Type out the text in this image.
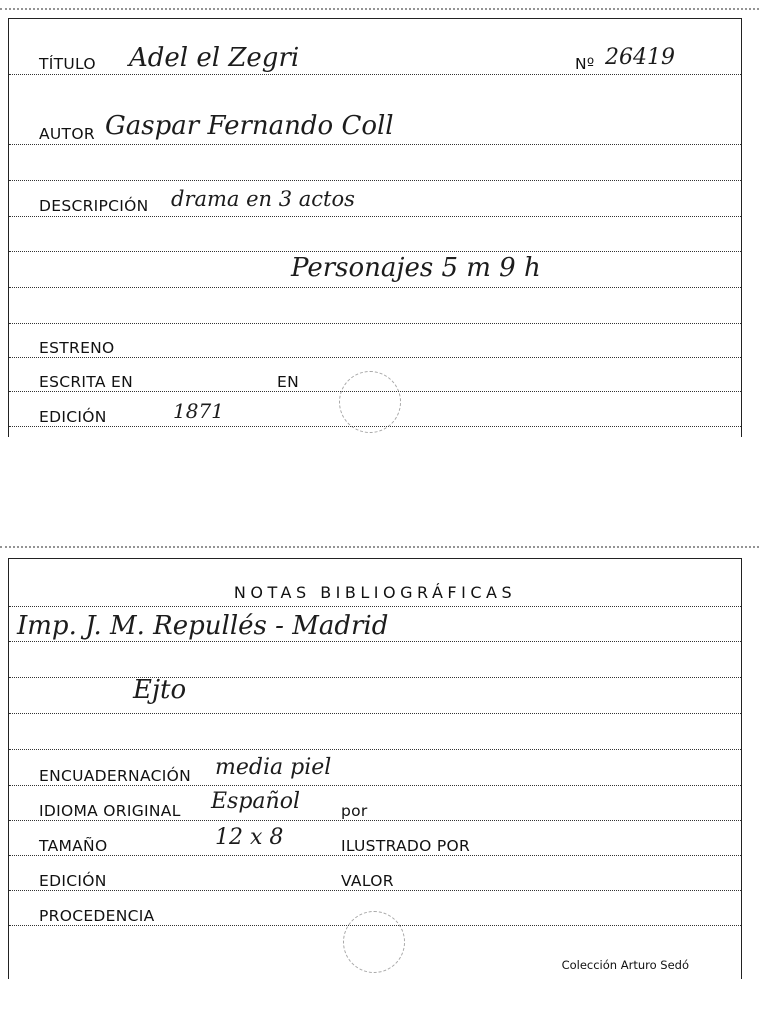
TÍTULO Adel el Zegri	Nº 26419
AUTOR Gaspar Fernando Coll
DESCRIPCIÓN drama en 3 actos
Personajes 5 m 9 h
ESTRENO
ESCRITA EN	EN
EDICIÓN	1871
NOTAS BIBLIOGRÁFICAS
Imp. J. M. Repullés - Madrid
Ejto
ENCUADERNACIÓN media piel
IDIOMA ORIGINAL Español	por
TAMAÑO	12 x 8	ILUSTRADO POR
EDICIÓN	VALOR
PROCEDENCIA
Colección Arturo Sedó
